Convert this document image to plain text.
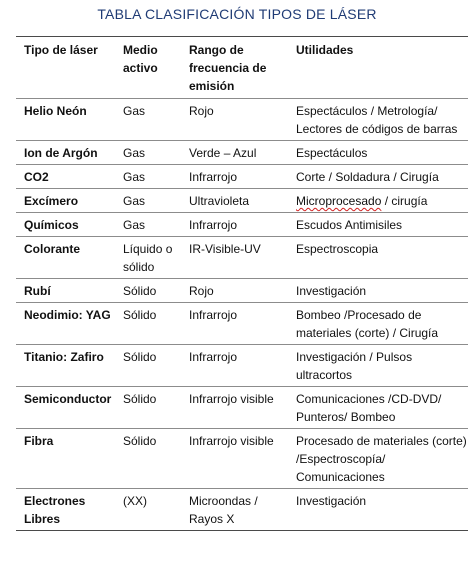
TABLA CLASIFICACIÓN TIPOS DE LÁSER
Tipo de láser	Medio activo	Rango de frecuencia de emisión	Utilidades
Helio Neón	Gas	Rojo	Espectáculos / Metrología/ Lectores de códigos de barras
Ion de Argón	Gas	Verde – Azul	Espectáculos
CO2	Gas	Infrarrojo	Corte / Soldadura / Cirugía
Excímero	Gas	Ultravioleta	Microprocesado / cirugía
Químicos	Gas	Infrarrojo	Escudos Antimisiles
Colorante	Líquido o sólido	IR-Visible-UV	Espectroscopia
Rubí	Sólido	Rojo	Investigación
Neodimio: YAG	Sólido	Infrarrojo	Bombeo /Procesado de materiales (corte) / Cirugía
Titanio: Zafiro	Sólido	Infrarrojo	Investigación / Pulsos ultracortos
Semiconductor	Sólido	Infrarrojo visible	Comunicaciones /CD-DVD/ Punteros/ Bombeo
Fibra	Sólido	Infrarrojo visible	Procesado de materiales (corte) /Espectroscopía/ Comunicaciones
Electrones Libres	(XX)	Microondas / Rayos X	Investigación
